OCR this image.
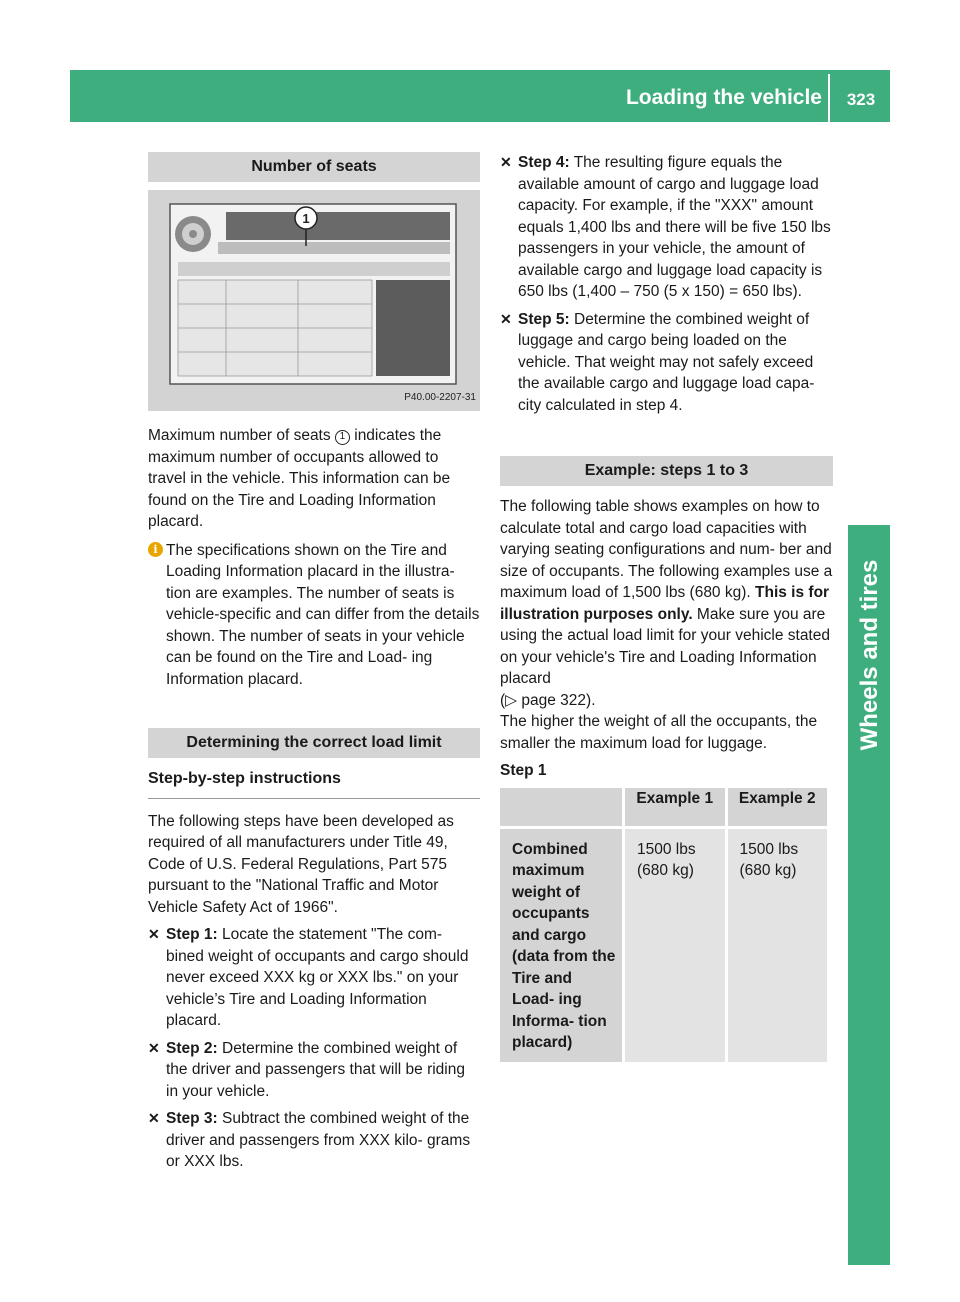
Loading the vehicle	323
Wheels and tires
Number of seats
1
P40.00-2207-31

Maximum number of seats 1 indicates the maximum number of occupants allowed to travel in the vehicle. This information can be found on the Tire and Loading Information placard.

i The specifications shown on the Tire and Loading Information placard in the illustra- tion are examples. The number of seats is vehicle-specific and can differ from the details shown. The number of seats in your vehicle can be found on the Tire and Load- ing Information placard.
Determining the correct load limit
Step-by-step instructions

The following steps have been developed as required of all manufacturers under Title 49, Code of U.S. Federal Regulations, Part 575 pursuant to the "National Traffic and Motor Vehicle Safety Act of 1966".

✕ Step 1: Locate the statement "The com- bined weight of occupants and cargo should never exceed XXX kg or XXX lbs." on your vehicle’s Tire and Loading Information placard.
✕ Step 2: Determine the combined weight of the driver and passengers that will be riding in your vehicle.
✕ Step 3: Subtract the combined weight of the driver and passengers from XXX kilo- grams or XXX lbs.
✕ Step 4: The resulting figure equals the available amount of cargo and luggage load capacity. For example, if the "XXX" amount equals 1,400 lbs and there will be five 150 lbs passengers in your vehicle, the amount of available cargo and luggage load capacity is 650 lbs (1,400 – 750 (5 x 150) = 650 lbs).
✕ Step 5: Determine the combined weight of luggage and cargo being loaded on the vehicle. That weight may not safely exceed the available cargo and luggage load capa- city calculated in step 4.
Example: steps 1 to 3

The following table shows examples on how to calculate total and cargo load capacities with varying seating configurations and num- ber and size of occupants. The following examples use a maximum load of 1,500 lbs (680 kg). This is for illustration purposes only. Make sure you are using the actual load limit for your vehicle stated on your vehicle's Tire and Loading Information placard
(▷ page 322).

The higher the weight of all the occupants, the smaller the maximum load for luggage.

Step 1

	Example 1	Example 2

Combined maximum weight of occupants and cargo (data from the Tire and Load- ing Informa- tion placard)	1500 lbs
(680 kg)	1500 lbs
(680 kg)
